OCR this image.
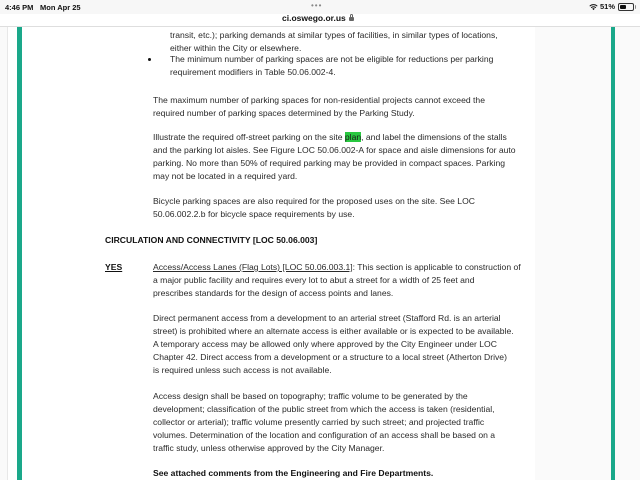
4:46 PM Mon Apr 25	51%
•••
ci.oswego.or.us
transit, etc.); parking demands at similar types of facilities, in similar types of locations,
either within the City or elsewhere.
The minimum number of parking spaces are not be eligible for reductions per parking
requirement modifiers in Table 50.06.002-4.
The maximum number of parking spaces for non-residential projects cannot exceed the
required number of parking spaces determined by the Parking Study.
Illustrate the required off-street parking on the site plan, and label the dimensions of the stalls
and the parking lot aisles. See Figure LOC 50.06.002-A for space and aisle dimensions for auto
parking. No more than 50% of required parking may be provided in compact spaces. Parking
may not be located in a required yard.
Bicycle parking spaces are also required for the proposed uses on the site. See LOC
50.06.002.2.b for bicycle space requirements by use.
CIRCULATION AND CONNECTIVITY [LOC 50.06.003]
YES	Access/Access Lanes (Flag Lots) [LOC 50.06.003.1]: This section is applicable to construction of
a major public facility and requires every lot to abut a street for a width of 25 feet and
prescribes standards for the design of access points and lanes.
Direct permanent access from a development to an arterial street (Stafford Rd. is an arterial
street) is prohibited where an alternate access is either available or is expected to be available.
A temporary access may be allowed only where approved by the City Engineer under LOC
Chapter 42. Direct access from a development or a structure to a local street (Atherton Drive)
is required unless such access is not available.
Access design shall be based on topography; traffic volume to be generated by the
development; classification of the public street from which the access is taken (residential,
collector or arterial); traffic volume presently carried by such street; and projected traffic
volumes. Determination of the location and configuration of an access shall be based on a
traffic study, unless otherwise approved by the City Manager.
See attached comments from the Engineering and Fire Departments.
